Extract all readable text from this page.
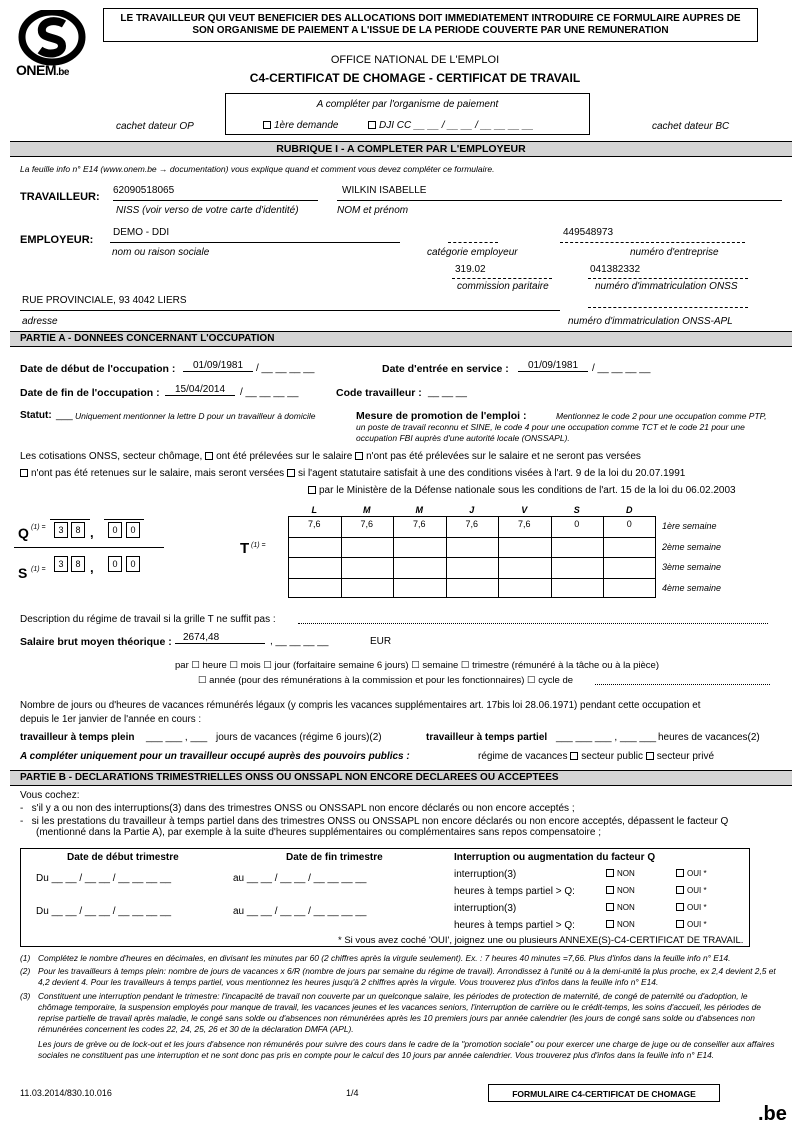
ONEM.be
LE TRAVAILLEUR QUI VEUT BENEFICIER DES ALLOCATIONS DOIT IMMEDIATEMENT INTRODUIRE CE FORMULAIRE AUPRES DE
SON ORGANISME DE PAIEMENT A L'ISSUE DE LA PERIODE COUVERTE PAR UNE REMUNERATION
OFFICE NATIONAL DE L'EMPLOI
C4-CERTIFICAT DE CHOMAGE - CERTIFICAT DE TRAVAIL
A compléter par l'organisme de paiement
1ère demande	DJI CC __ __ / __ __ / __ __ __ __
cachet dateur OP	cachet dateur BC
RUBRIQUE I - A COMPLETER PAR L'EMPLOYEUR
La feuille info n° E14 (www.onem.be → documentation) vous explique quand et comment vous devez compléter ce formulaire.
TRAVAILLEUR:
62090518065
NISS (voir verso de votre carte d'identité)
WILKIN ISABELLE
NOM et prénom
EMPLOYEUR:
DEMO - DDI
nom ou raison sociale	catégorie employeur
449548973
numéro d'entreprise
319.02
commission paritaire
041382332
numéro d'immatriculation ONSS
RUE PROVINCIALE, 93 4042 LIERS
adresse	numéro d'immatriculation ONSS-APL
PARTIE A - DONNEES CONCERNANT L'OCCUPATION
Date de début de l'occupation :	01/09/1981	/ __ __ __ __	Date d'entrée en service :	01/09/1981	/ __ __ __ __
Date de fin de l'occupation :	15/04/2014	/ __ __ __ __	Code travailleur : __ __ __
Statut: ___ Uniquement mentionner la lettre D pour un travailleur à domicile	Mesure de promotion de l'emploi :	Mentionnez le code 2 pour une occupation comme PTP, un poste de travail reconnu et SINE, le code 4 pour une occupation comme TCT et le code 21 pour une occupation FBI auprès d'une autorité locale (ONSSAPL).
Les cotisations ONSS, secteur chômage, ont été prélevées sur le salaire n'ont pas été prélevées sur le salaire et ne seront pas versées
n'ont pas été retenues sur le salaire, mais seront versées si l'agent statutaire satisfait à une des conditions visées à l'art. 9 de la loi du 20.07.1991
par le Ministère de la Défense nationale sous les conditions de l'art. 15 de la loi du 06.02.2003
Q (1) =	3	8 ,	0	0
S (1) =
3	8 ,	0	0
T (1) =
L	M	M	J	V	S	D
7,6	7,6	7,6	7,6	7,6	0	0	1ère semaine
2ème semaine
3ème semaine
4ème semaine
Description du régime de travail si la grille T ne suffit pas :
Salaire brut moyen théorique :	2674,48	, __ __ __ __	EUR
par ☐ heure ☐ mois ☐ jour (forfaitaire semaine 6 jours) ☐ semaine ☐ trimestre (rémunéré à la tâche ou à la pièce)
☐ année (pour des rémunérations à la commission et pour les fonctionnaires) ☐ cycle de
Nombre de jours ou d'heures de vacances rémunérés légaux (y compris les vacances supplémentaires art. 17bis loi 28.06.1971) pendant cette occupation et
depuis le 1er janvier de l'année en cours :
travailleur à temps plein ___ ___ , ___ jours de vacances (régime 6 jours)(2)	travailleur à temps partiel ___ ___ ___ , ___ ___ heures de vacances(2)
A compléter uniquement pour un travailleur occupé auprès des pouvoirs publics :	régime de vacances secteur public secteur privé
PARTIE B - DECLARATIONS TRIMESTRIELLES ONSS OU ONSSAPL NON ENCORE DECLAREES OU ACCEPTEES
Vous cochez:
-   s'il y a ou non des interruptions(3) dans des trimestres ONSS ou ONSSAPL non encore déclarés ou non encore acceptés ;
-   si les prestations du travailleur à temps partiel dans des trimestres ONSS ou ONSSAPL non encore déclarés ou non encore acceptés, dépassent le facteur Q (mentionné dans la Partie A), par exemple à la suite d'heures supplémentaires ou complémentaires sans repos compensatoire ;
Date de début trimestre	Date de fin trimestre	Interruption ou augmentation du facteur Q
Du __ __ / __ __ / __ __ __ __	au __ __ / __ __ / __ __ __ __
Du __ __ / __ __ / __ __ __ __	au __ __ / __ __ / __ __ __ __
interruption(3)	NON	OUI *
heures à temps partiel > Q:	NON	OUI *
interruption(3)	NON	OUI *
heures à temps partiel > Q:	NON	OUI *
* Si vous avez coché 'OUI', joignez une ou plusieurs ANNEXE(S)-C4-CERTIFICAT DE TRAVAIL.
(1) Complétez le nombre d'heures en décimales, en divisant les minutes par 60 (2 chiffres après la virgule seulement). Ex. : 7 heures 40 minutes =7,66. Plus d'infos dans la feuille info n° E14.
(2) Pour les travailleurs à temps plein: nombre de jours de vacances x 6/R (nombre de jours par semaine du régime de travail). Arrondissez à l'unité ou à la demi-unité la plus proche, ex 2,4 devient 2,5 et 4,2 devient 4. Pour les travailleurs à temps partiel, vous mentionnez les heures jusqu'à 2 chiffres après la virgule. Vous trouverez plus d'infos dans la feuille info n° E14.
(3) Constituent une interruption pendant le trimestre: l'incapacité de travail non couverte par un quelconque salaire, les périodes de protection de maternité, de congé de paternité ou d'adoption, le chômage temporaire, la suspension employés pour manque de travail, les vacances jeunes et les vacances seniors, l'interruption de carrière ou le crédit-temps, les soins d'accueil, les périodes de reprise partielle de travail après maladie, le congé sans solde ou d'absences non rémunérées après les 10 premiers jours par année calendrier (les jours de congé sans solde ou d'absences non rémunérées concernent les codes 22, 24, 25, 26 et 30 de la déclaration DMFA (APL).
Les jours de grève ou de lock-out et les jours d'absence non rémunérés pour suivre des cours dans le cadre de la "promotion sociale" ou pour exercer une charge de juge ou de conseiller aux affaires sociales ne constituent pas une interruption et ne sont donc pas pris en compte pour le calcul des 10 jours par année calendrier. Vous trouverez plus d'infos dans la feuille info n° E14.
11.03.2014/830.10.016	1/4	FORMULAIRE C4-CERTIFICAT DE CHOMAGE
.be
